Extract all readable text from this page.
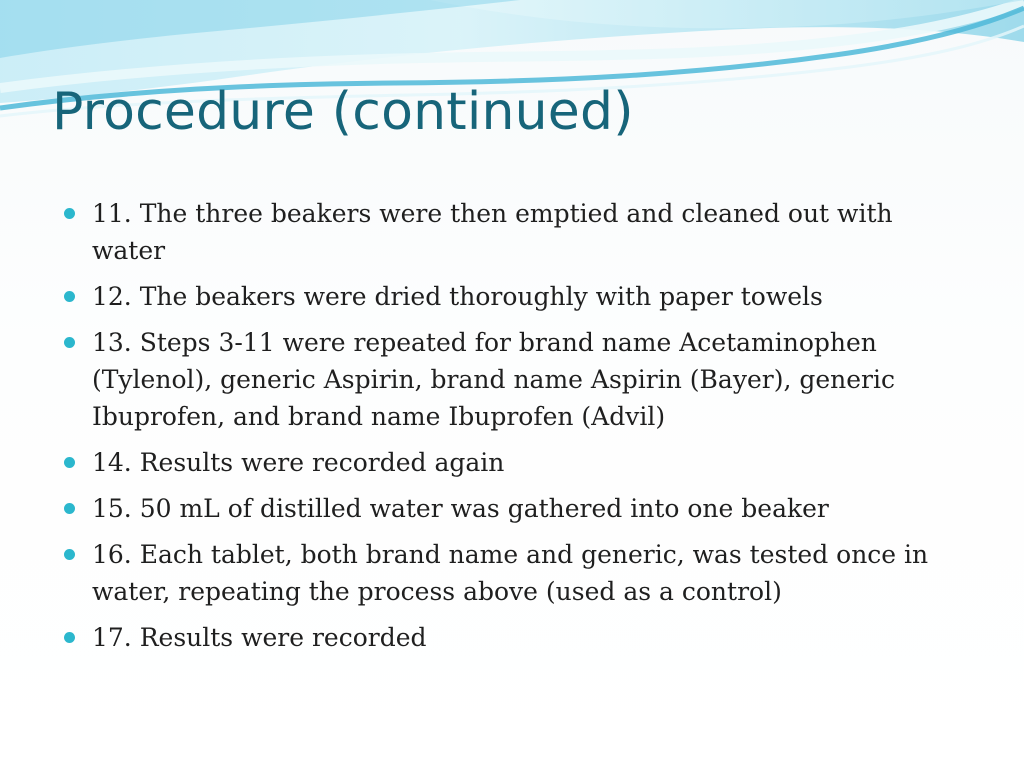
Procedure (continued)
11. The three beakers were then emptied and cleaned out with water
12. The beakers were dried thoroughly with paper towels
13. Steps 3-11 were repeated for brand name Acetaminophen (Tylenol), generic Aspirin, brand name Aspirin (Bayer), generic Ibuprofen, and brand name Ibuprofen (Advil)
14. Results were recorded again
15. 50 mL of distilled water was gathered into one beaker
16. Each tablet, both brand name and generic, was tested once in water, repeating the process above (used as a control)
17. Results were recorded
